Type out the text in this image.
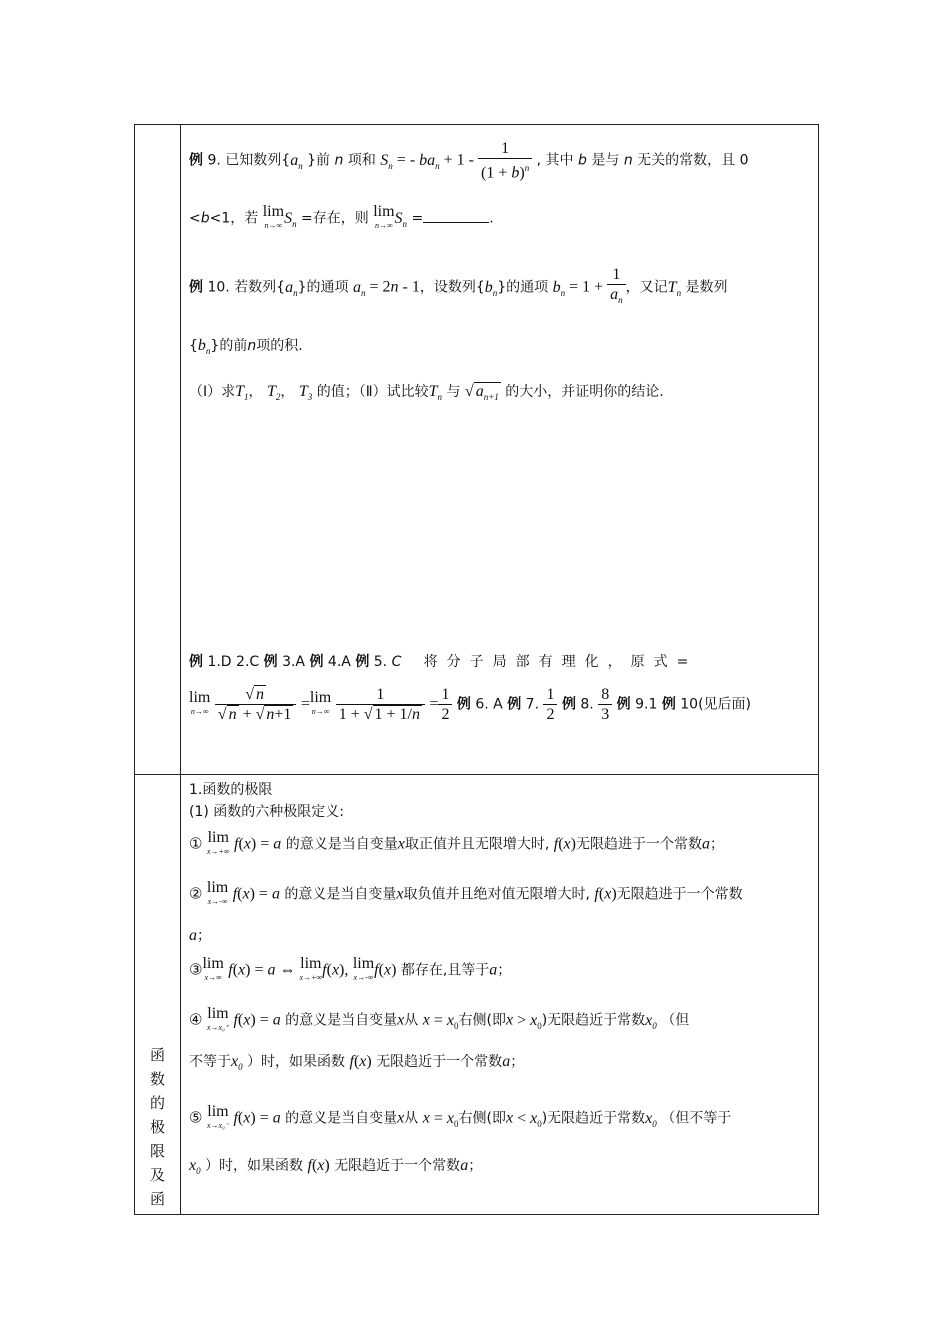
例 9. 已知数列{$a_n$ }前 n 项和 $S_n$ = - $ba_n + 1 - \frac{1}{(1 + b)^n}$ , 其中 b 是与 n 无关的常数，且 0
<b<1，若 lim
n→∞ $S_n$ =存在，则 lim
n→∞ $S_n$ =	.
例 10. 若数列$\{a_n\}$的通项 $a_n = 2n - 1$，设数列$\{b_n\}$的通项 $b_n = 1 + \frac{1}{a_n}$ ，又记$T_n$ 是数列
$\{b_n\}$的前n项的积.
（Ⅰ）求$T_1$， $T_2$， $T_3$ 的值；（Ⅱ）试比较$T_n$ 与 √ $a_{n+1}$ 的大小，并证明你的结论.
例 1.D 2.C 例 3.A 例 4.A 例 5. C 将分子局部有理化，原式=
lim
n→∞
$\frac{√ n}{√ n + √ n+1} =\lim$
n→∞
$\frac{1}{1 + √ 1 + 1/n} = \frac{1}{2}$ 例 6. A 例 7. $\frac{1}{2}$ 例 8. $\frac{8}{3}$ 例 9.1 例 10(见后面)
1.函数的极限
(1) 函数的六种极限定义:
① lim
x→+∞ f(x) = a 的意义是当自变量x取正值并且无限增大时, f(x)无限趋进于一个常数a；
② lim
x→-∞ f(x) = a 的意义是当自变量x取负值并且绝对值无限增大时, f(x)无限趋进于一个常数
a；
③lim
x→∞ f(x) = a ⇔ lim
x→+∞ f(x), lim
x→-∞ f(x) 都存在,且等于a；
④ lim
x→x₀⁺ f(x) = a 的意义是当自变量x从 $x = x_0$右侧(即$x > x_0$)无限趋近于常数$x_0$ （但
不等于$x_0$ ）时，如果函数 f(x) 无限趋近于一个常数a；
⑤ lim
x→x₀⁻ f(x) = a 的意义是当自变量x从 $x = x_0$右侧(即$x < x_0$)无限趋近于常数$x_0$ （但不等于
$x_0$ ）时，如果函数 f(x) 无限趋近于一个常数a；
函
数
的
极
限
及
函
